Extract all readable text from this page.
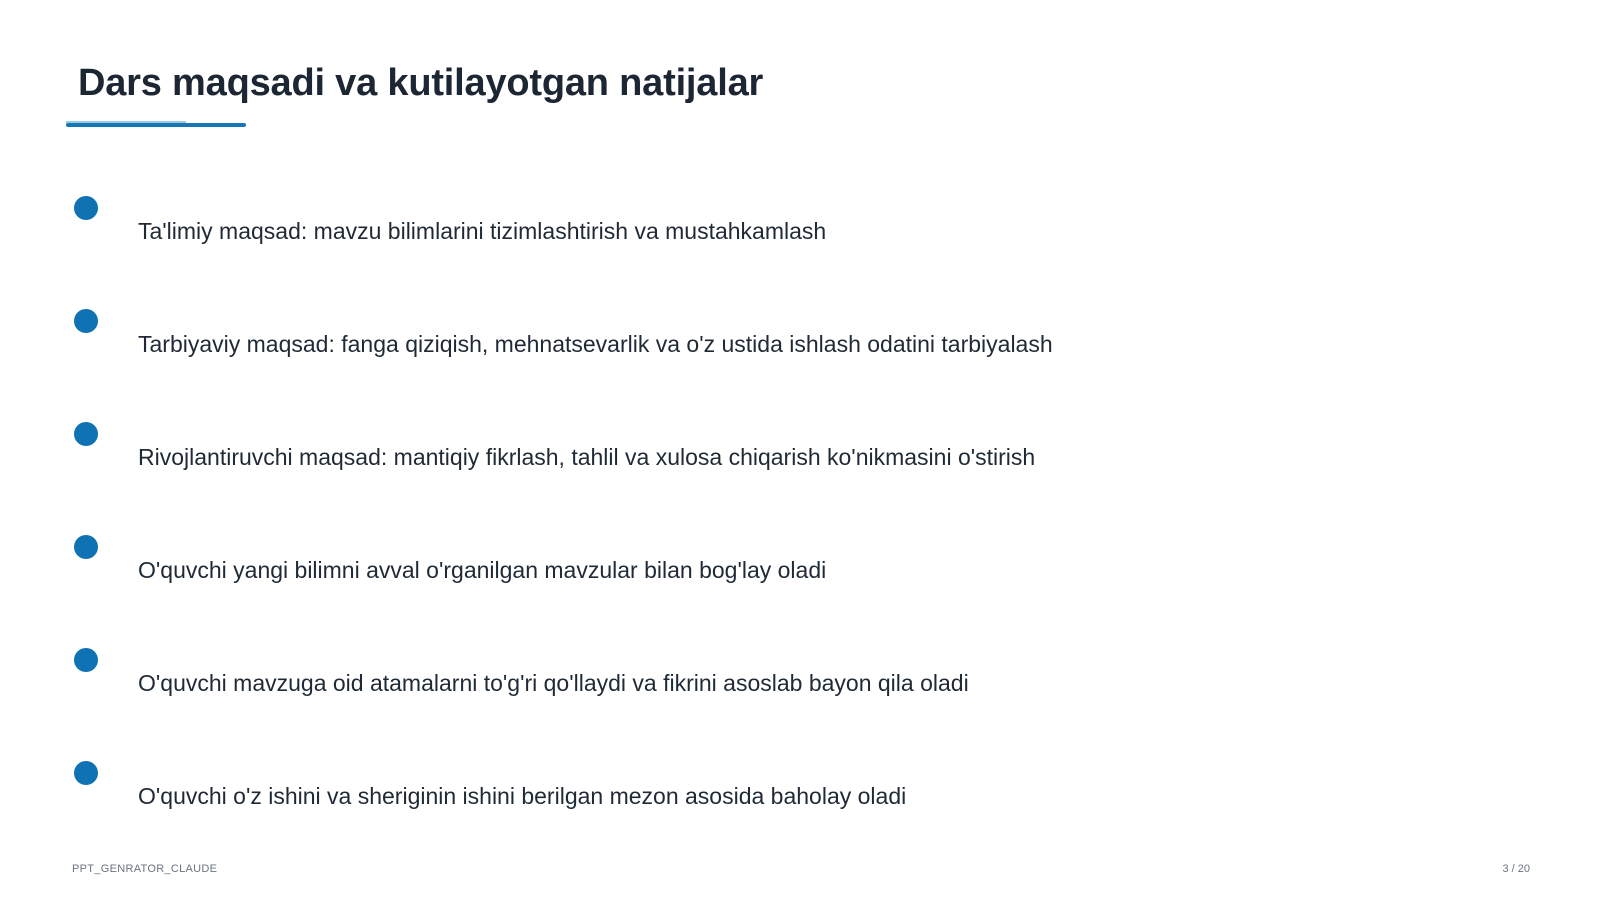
Dars maqsadi va kutilayotgan natijalar
Ta'limiy maqsad: mavzu bilimlarini tizimlashtirish va mustahkamlash
Tarbiyaviy maqsad: fanga qiziqish, mehnatsevarlik va o'z ustida ishlash odatini tarbiyalash
Rivojlantiruvchi maqsad: mantiqiy fikrlash, tahlil va xulosa chiqarish ko'nikmasini o'stirish
O'quvchi yangi bilimni avval o'rganilgan mavzular bilan bog'lay oladi
O'quvchi mavzuga oid atamalarni to'g'ri qo'llaydi va fikrini asoslab bayon qila oladi
O'quvchi o'z ishini va sheriginin ishini berilgan mezon asosida baholay oladi
PPT_GENRATOR_CLAUDE	3 / 20
